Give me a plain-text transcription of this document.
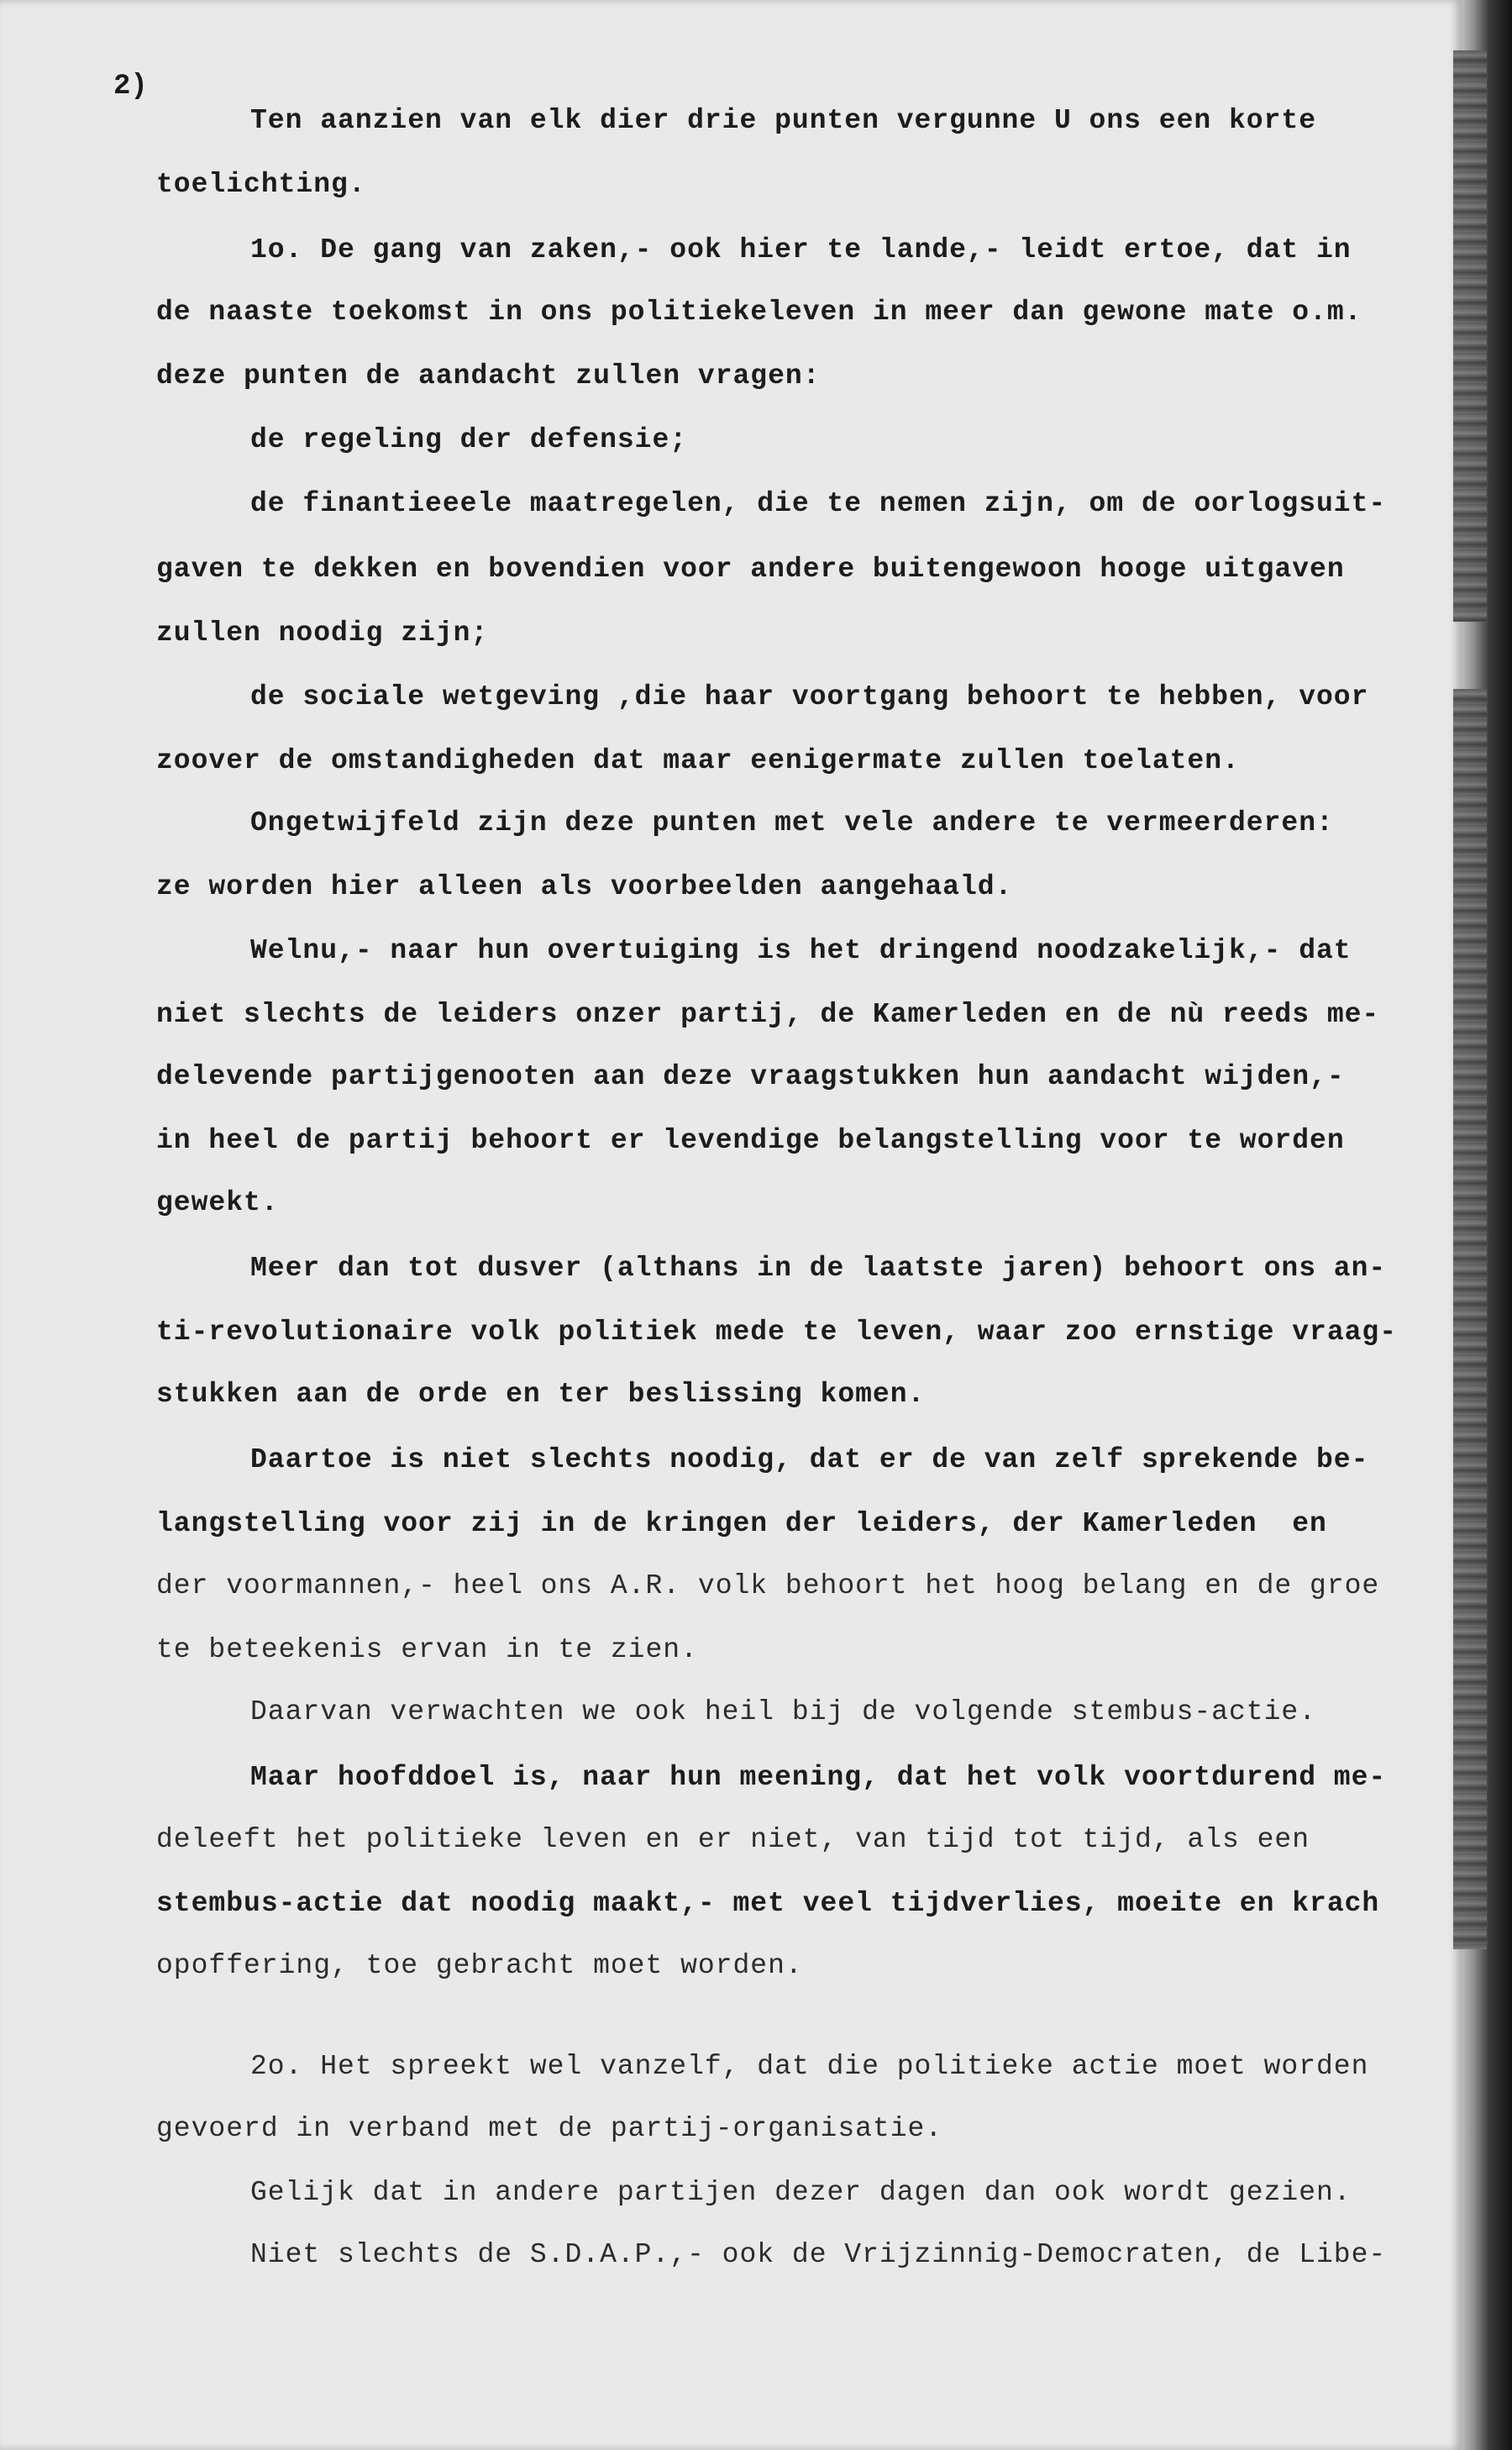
2)

Ten aanzien van elk dier drie punten vergunne U ons een korte

toelichting.

1o. De gang van zaken,- ook hier te lande,- leidt ertoe, dat in

de naaste toekomst in ons politiekeleven in meer dan gewone mate o.m.

deze punten de aandacht zullen vragen:

de regeling der defensie;

de finantieeele maatregelen, die te nemen zijn, om de oorlogsuit-

gaven te dekken en bovendien voor andere buitengewoon hooge uitgaven

zullen noodig zijn;

de sociale wetgeving ,die haar voortgang behoort te hebben, voor

zoover de omstandigheden dat maar eenigermate zullen toelaten.

Ongetwijfeld zijn deze punten met vele andere te vermeerderen:

ze worden hier alleen als voorbeelden aangehaald.

Welnu,- naar hun overtuiging is het dringend noodzakelijk,- dat

niet slechts de leiders onzer partij, de Kamerleden en de nù reeds me-

delevende partijgenooten aan deze vraagstukken hun aandacht wijden,-

in heel de partij behoort er levendige belangstelling voor te worden

gewekt.

Meer dan tot dusver (althans in de laatste jaren) behoort ons an-

ti-revolutionaire volk politiek mede te leven, waar zoo ernstige vraag-

stukken aan de orde en ter beslissing komen.

Daartoe is niet slechts noodig, dat er de van zelf sprekende be-

langstelling voor zij in de kringen der leiders, der Kamerleden  en

der voormannen,- heel ons A.R. volk behoort het hoog belang en de groe

te beteekenis ervan in te zien.

Daarvan verwachten we ook heil bij de volgende stembus-actie.

Maar hoofddoel is, naar hun meening, dat het volk voortdurend me-

deleeft het politieke leven en er niet, van tijd tot tijd, als een

stembus-actie dat noodig maakt,- met veel tijdverlies, moeite en krach

opoffering, toe gebracht moet worden.

2o. Het spreekt wel vanzelf, dat die politieke actie moet worden

gevoerd in verband met de partij-organisatie.

Gelijk dat in andere partijen dezer dagen dan ook wordt gezien.

Niet slechts de S.D.A.P.,- ook de Vrijzinnig-Democraten, de Libe-
